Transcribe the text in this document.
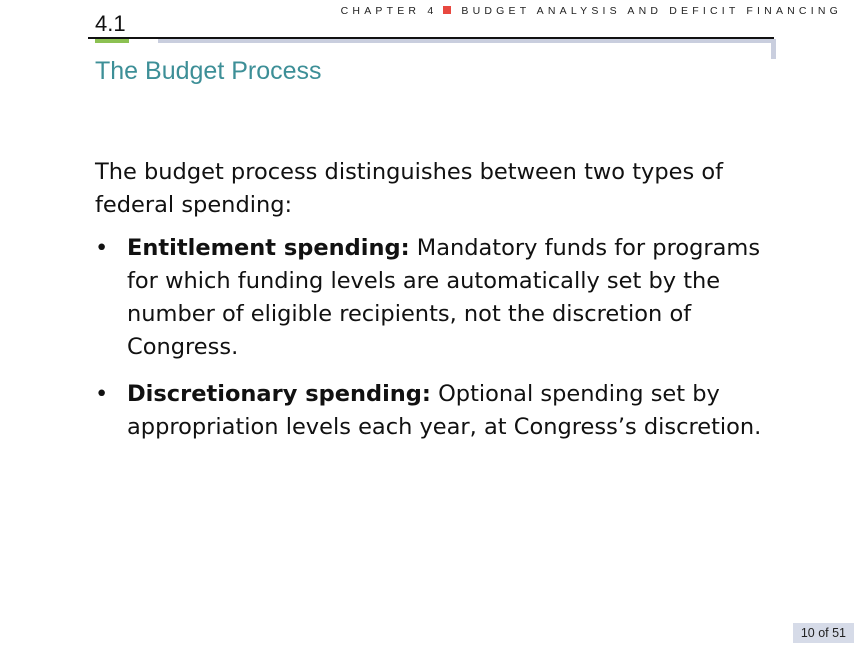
CHAPTER 4 BUDGET ANALYSIS AND DEFICIT FINANCING
4.1
The Budget Process

The budget process distinguishes between two types of federal spending:

• Entitlement spending: Mandatory funds for programs for which funding levels are automatically set by the number of eligible recipients, not the discretion of Congress.
• Discretionary spending: Optional spending set by appropriation levels each year, at Congress’s discretion.
10 of 51
